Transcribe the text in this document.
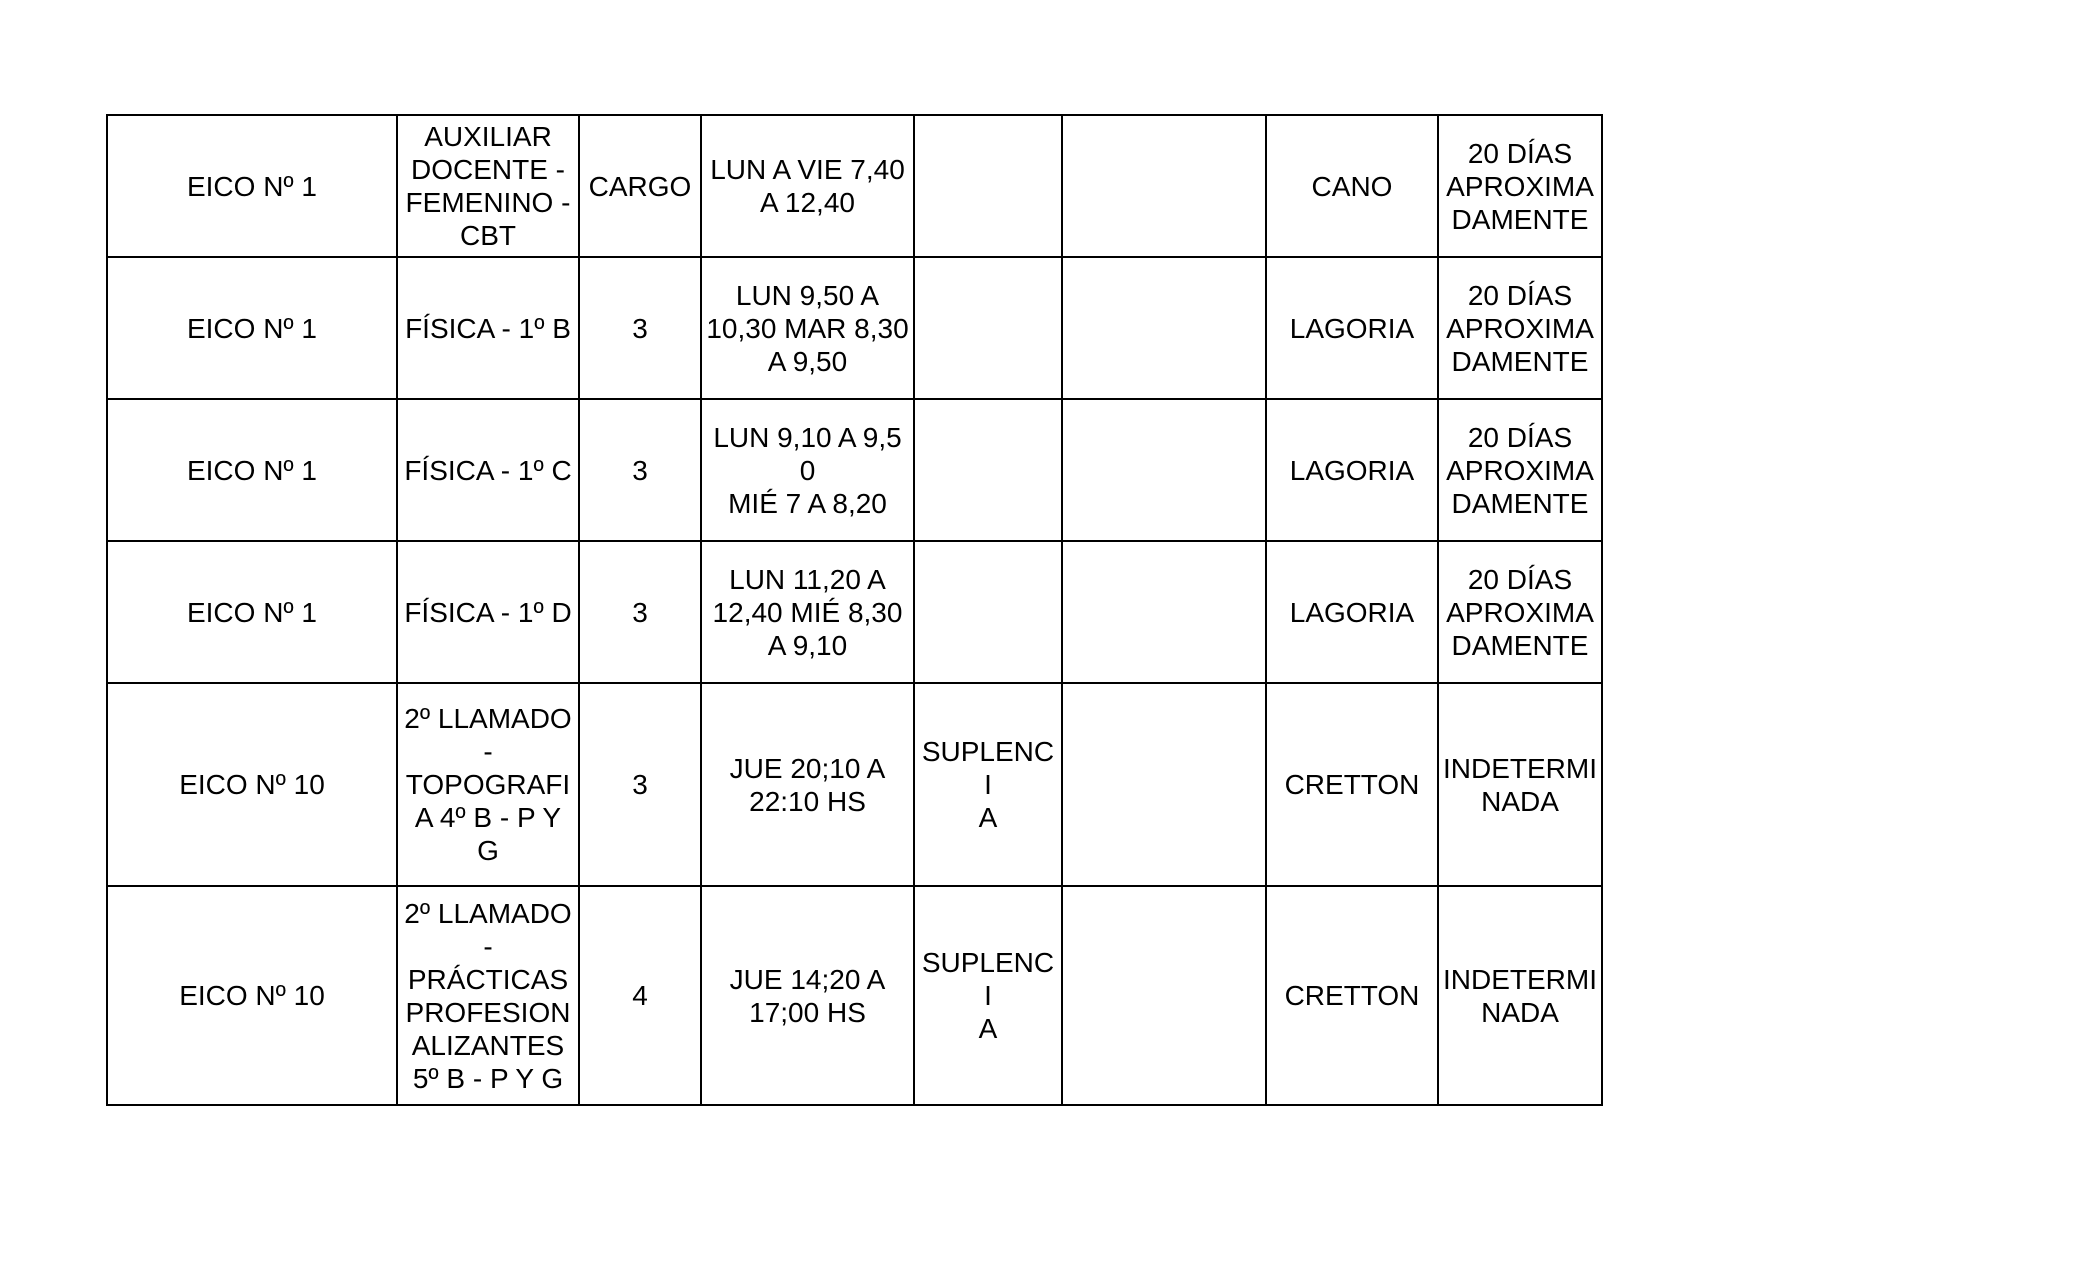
EICO Nº 1	AUXILIAR
DOCENTE -
FEMENINO -
CBT	CARGO	LUN A VIE 7,40
A 12,40			CANO	20 DÍAS
APROXIMA
DAMENTE

EICO Nº 1	FÍSICA - 1º B	3	LUN 9,50 A
10,30 MAR 8,30
A 9,50			LAGORIA	20 DÍAS
APROXIMA
DAMENTE

EICO Nº 1	FÍSICA - 1º C	3	LUN 9,10 A 9,50
MIÉ 7 A 8,20			LAGORIA	20 DÍAS
APROXIMA
DAMENTE

EICO Nº 1	FÍSICA - 1º D	3	LUN 11,20 A
12,40 MIÉ 8,30
A 9,10			LAGORIA	20 DÍAS
APROXIMA
DAMENTE

EICO Nº 10	2º LLAMADO -
TOPOGRAFI
A 4º B - P Y
G	3	JUE 20;10 A
22:10 HS	SUPLENCI
A		CRETTON	INDETERMI
NADA

EICO Nº 10	2º LLAMADO -
PRÁCTICAS
PROFESION
ALIZANTES
5º B - P Y G	4	JUE 14;20 A
17;00 HS	SUPLENCI
A		CRETTON	INDETERMI
NADA
